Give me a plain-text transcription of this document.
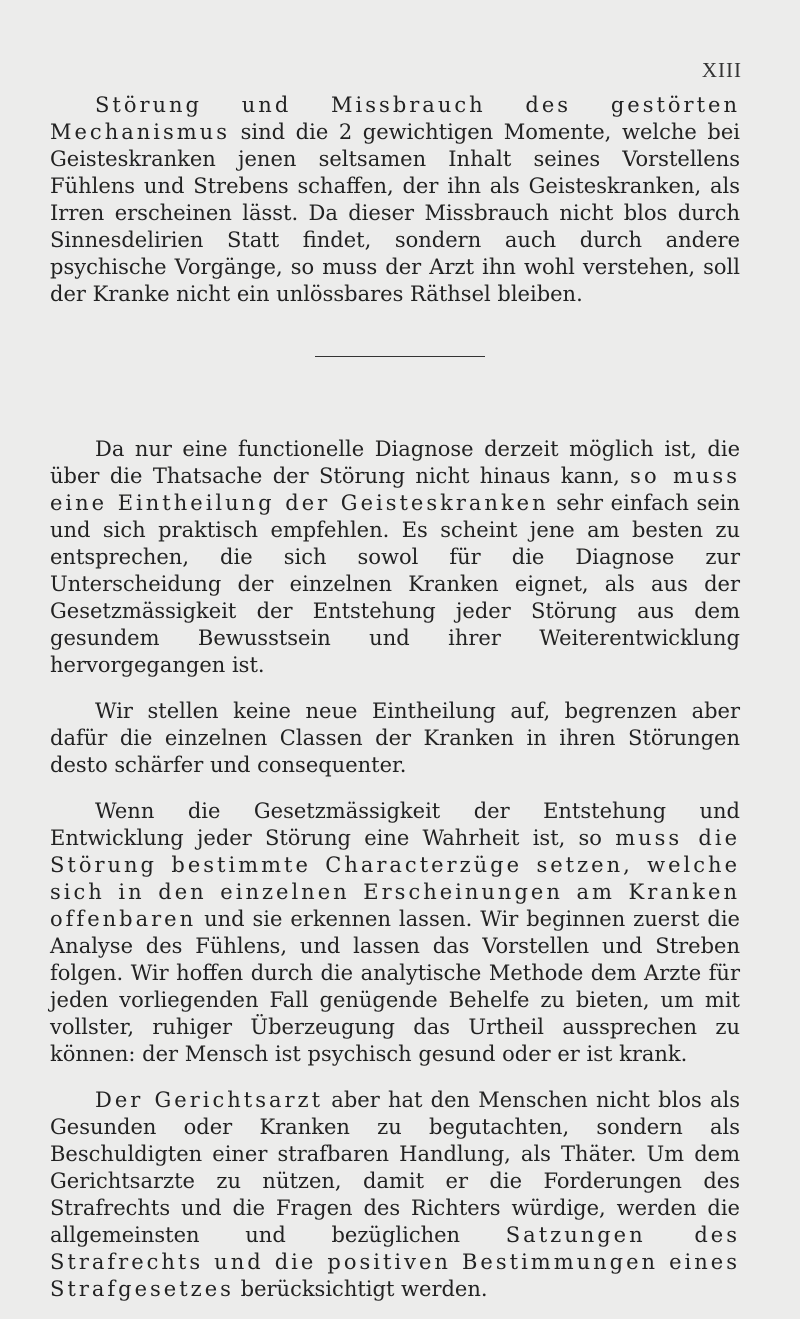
XIII

Störung und Missbrauch des gestörten Mechanismus sind die 2 gewichtigen Momente, welche bei Geisteskranken jenen seltsamen Inhalt seines Vorstellens Fühlens und Strebens schaffen, der ihn als Geisteskranken, als Irren erscheinen lässt. Da dieser Missbrauch nicht blos durch Sinnesdelirien Statt findet, sondern auch durch andere psychische Vorgänge, so muss der Arzt ihn wohl verstehen, soll der Kranke nicht ein unlössbares Räthsel bleiben.

Da nur eine functionelle Diagnose derzeit möglich ist, die über die Thatsache der Störung nicht hinaus kann, so muss eine Eintheilung der Geisteskranken sehr einfach sein und sich praktisch empfehlen. Es scheint jene am besten zu entsprechen, die sich sowol für die Diagnose zur Unterscheidung der einzelnen Kranken eignet, als aus der Gesetzmässigkeit der Entstehung jeder Störung aus dem gesundem Bewusstsein und ihrer Weiterentwicklung hervorgegangen ist.

Wir stellen keine neue Eintheilung auf, begrenzen aber dafür die einzelnen Classen der Kranken in ihren Störungen desto schärfer und consequenter.

Wenn die Gesetzmässigkeit der Entstehung und Entwicklung jeder Störung eine Wahrheit ist, so muss die Störung bestimmte Characterzüge setzen, welche sich in den einzelnen Erscheinungen am Kranken offenbaren und sie erkennen lassen. Wir beginnen zuerst die Analyse des Fühlens, und lassen das Vorstellen und Streben folgen. Wir hoffen durch die analytische Methode dem Arzte für jeden vorliegenden Fall genügende Behelfe zu bieten, um mit vollster, ruhiger Überzeugung das Urtheil aussprechen zu können: der Mensch ist psychisch gesund oder er ist krank.

Der Gerichtsarzt aber hat den Menschen nicht blos als Gesunden oder Kranken zu begutachten, sondern als Beschuldigten einer strafbaren Handlung, als Thäter. Um dem Gerichtsarzte zu nützen, damit er die Forderungen des Strafrechts und die Fragen des Richters würdige, werden die allgemeinsten und bezüglichen Satzungen des Strafrechts und die positiven Bestimmungen eines Strafgesetzes berücksichtigt werden.
